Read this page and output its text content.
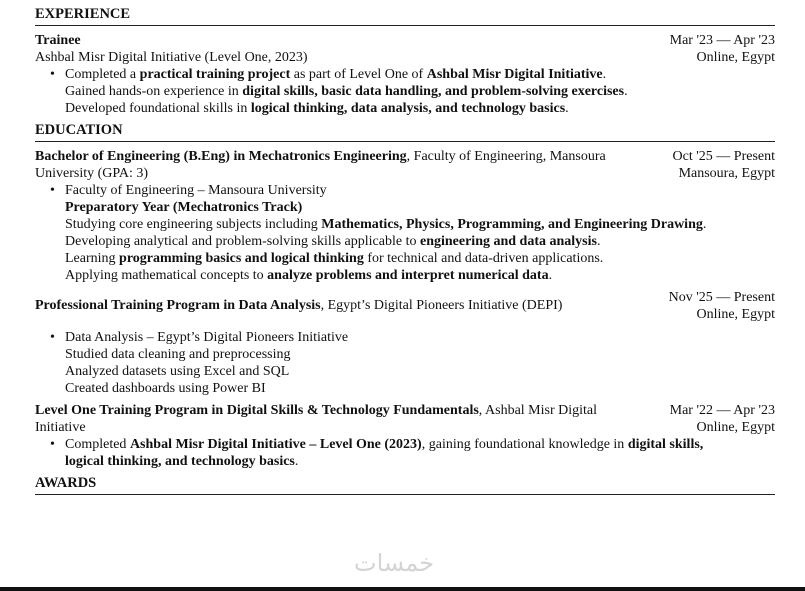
EXPERIENCE
Trainee
Ashbal Misr Digital Initiative (Level One, 2023)
Mar '23 — Apr '23
Online, Egypt
• Completed a practical training project as part of Level One of Ashbal Misr Digital Initiative.
Gained hands-on experience in digital skills, basic data handling, and problem-solving exercises.
Developed foundational skills in logical thinking, data analysis, and technology basics.
EDUCATION
Bachelor of Engineering (B.Eng) in Mechatronics Engineering, Faculty of Engineering, Mansoura
University (GPA: 3)
Oct '25 — Present
Mansoura, Egypt
• Faculty of Engineering – Mansoura University
Preparatory Year (Mechatronics Track)
Studying core engineering subjects including Mathematics, Physics, Programming, and Engineering Drawing.
Developing analytical and problem-solving skills applicable to engineering and data analysis.
Learning programming basics and logical thinking for technical and data-driven applications.
Applying mathematical concepts to analyze problems and interpret numerical data.
Professional Training Program in Data Analysis, Egypt’s Digital Pioneers Initiative (DEPI)
Nov '25 — Present
Online, Egypt
• Data Analysis – Egypt’s Digital Pioneers Initiative
Studied data cleaning and preprocessing
Analyzed datasets using Excel and SQL
Created dashboards using Power BI
Level One Training Program in Digital Skills & Technology Fundamentals, Ashbal Misr Digital
Initiative
Mar '22 — Apr '23
Online, Egypt
• Completed Ashbal Misr Digital Initiative – Level One (2023), gaining foundational knowledge in digital skills,
logical thinking, and technology basics.
AWARDS
خمسات
